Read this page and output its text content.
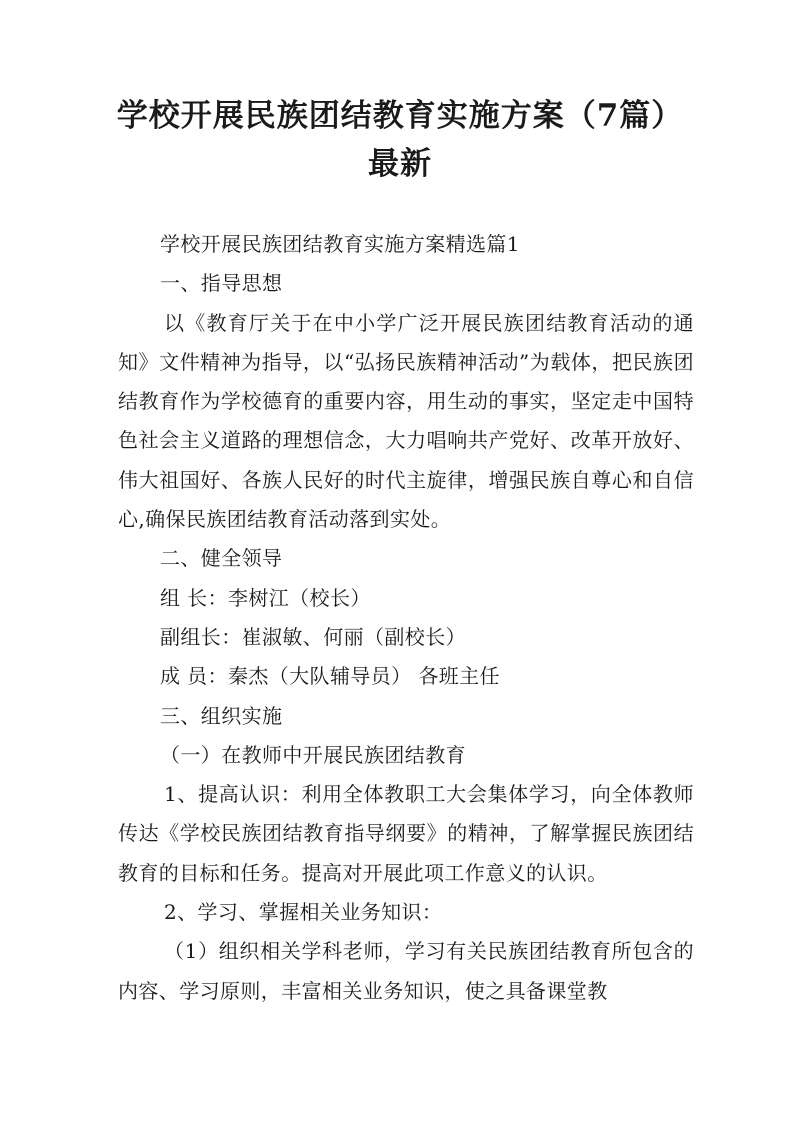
学校开展民族团结教育实施方案（7篇）最新

学校开展民族团结教育实施方案精选篇1

一、指导思想

以《教育厅关于在中小学广泛开展民族团结教育活动的通知》文件精神为指导，以“弘扬民族精神活动”为载体，把民族团结教育作为学校德育的重要内容，用生动的事实，坚定走中国特色社会主义道路的理想信念，大力唱响共产党好、改革开放好、伟大祖国好、各族人民好的时代主旋律，增强民族自尊心和自信心,确保民族团结教育活动落到实处。

二、健全领导

组 长：李树江（校长）

副组长：崔淑敏、何丽（副校长）

成 员：秦杰（大队辅导员） 各班主任

三、组织实施

（一）在教师中开展民族团结教育

1、提高认识：利用全体教职工大会集体学习，向全体教师传达《学校民族团结教育指导纲要》的精神，了解掌握民族团结教育的目标和任务。提高对开展此项工作意义的认识。

2、学习、掌握相关业务知识：

（1）组织相关学科老师，学习有关民族团结教育所包含的内容、学习原则，丰富相关业务知识，使之具备课堂教
